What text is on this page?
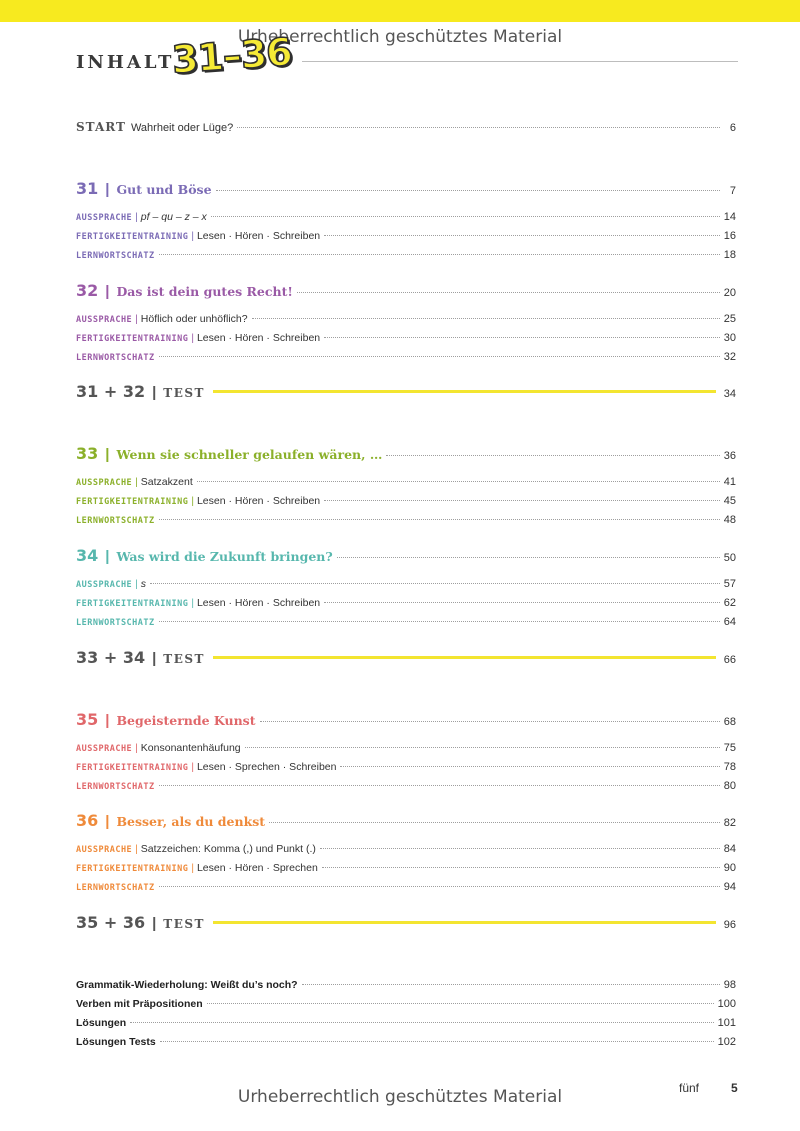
Urheberrechtlich geschütztes Material
INHALT
31–36
START Wahrheit oder Lüge?	6
31 | Gut und Böse	7
AUSSPRACHE | pf – qu – z – x	14
FERTIGKEITENTRAINING | Lesen · Hören · Schreiben	16
LERNWORTSCHATZ	18
32 | Das ist dein gutes Recht!	20
AUSSPRACHE | Höflich oder unhöflich?	25
FERTIGKEITENTRAINING | Lesen · Hören · Schreiben	30
LERNWORTSCHATZ	32
31 + 32 | TEST	34
33 | Wenn sie schneller gelaufen wären, …	36
AUSSPRACHE | Satzakzent	41
FERTIGKEITENTRAINING | Lesen · Hören · Schreiben	45
LERNWORTSCHATZ	48
34 | Was wird die Zukunft bringen?	50
AUSSPRACHE | s	57
FERTIGKEITENTRAINING | Lesen · Hören · Schreiben	62
LERNWORTSCHATZ	64
33 + 34 | TEST	66
35 | Begeisternde Kunst	68
AUSSPRACHE | Konsonantenhäufung	75
FERTIGKEITENTRAINING | Lesen · Sprechen · Schreiben	78
LERNWORTSCHATZ	80
36 | Besser, als du denkst	82
AUSSPRACHE | Satzzeichen: Komma (,) und Punkt (.)	84
FERTIGKEITENTRAINING | Lesen · Hören · Sprechen	90
LERNWORTSCHATZ	94
35 + 36 | TEST	96
Grammatik-Wiederholung: Weißt du’s noch?	98
Verben mit Präpositionen	100
Lösungen	101
Lösungen Tests	102
fünf	5
Urheberrechtlich geschütztes Material
